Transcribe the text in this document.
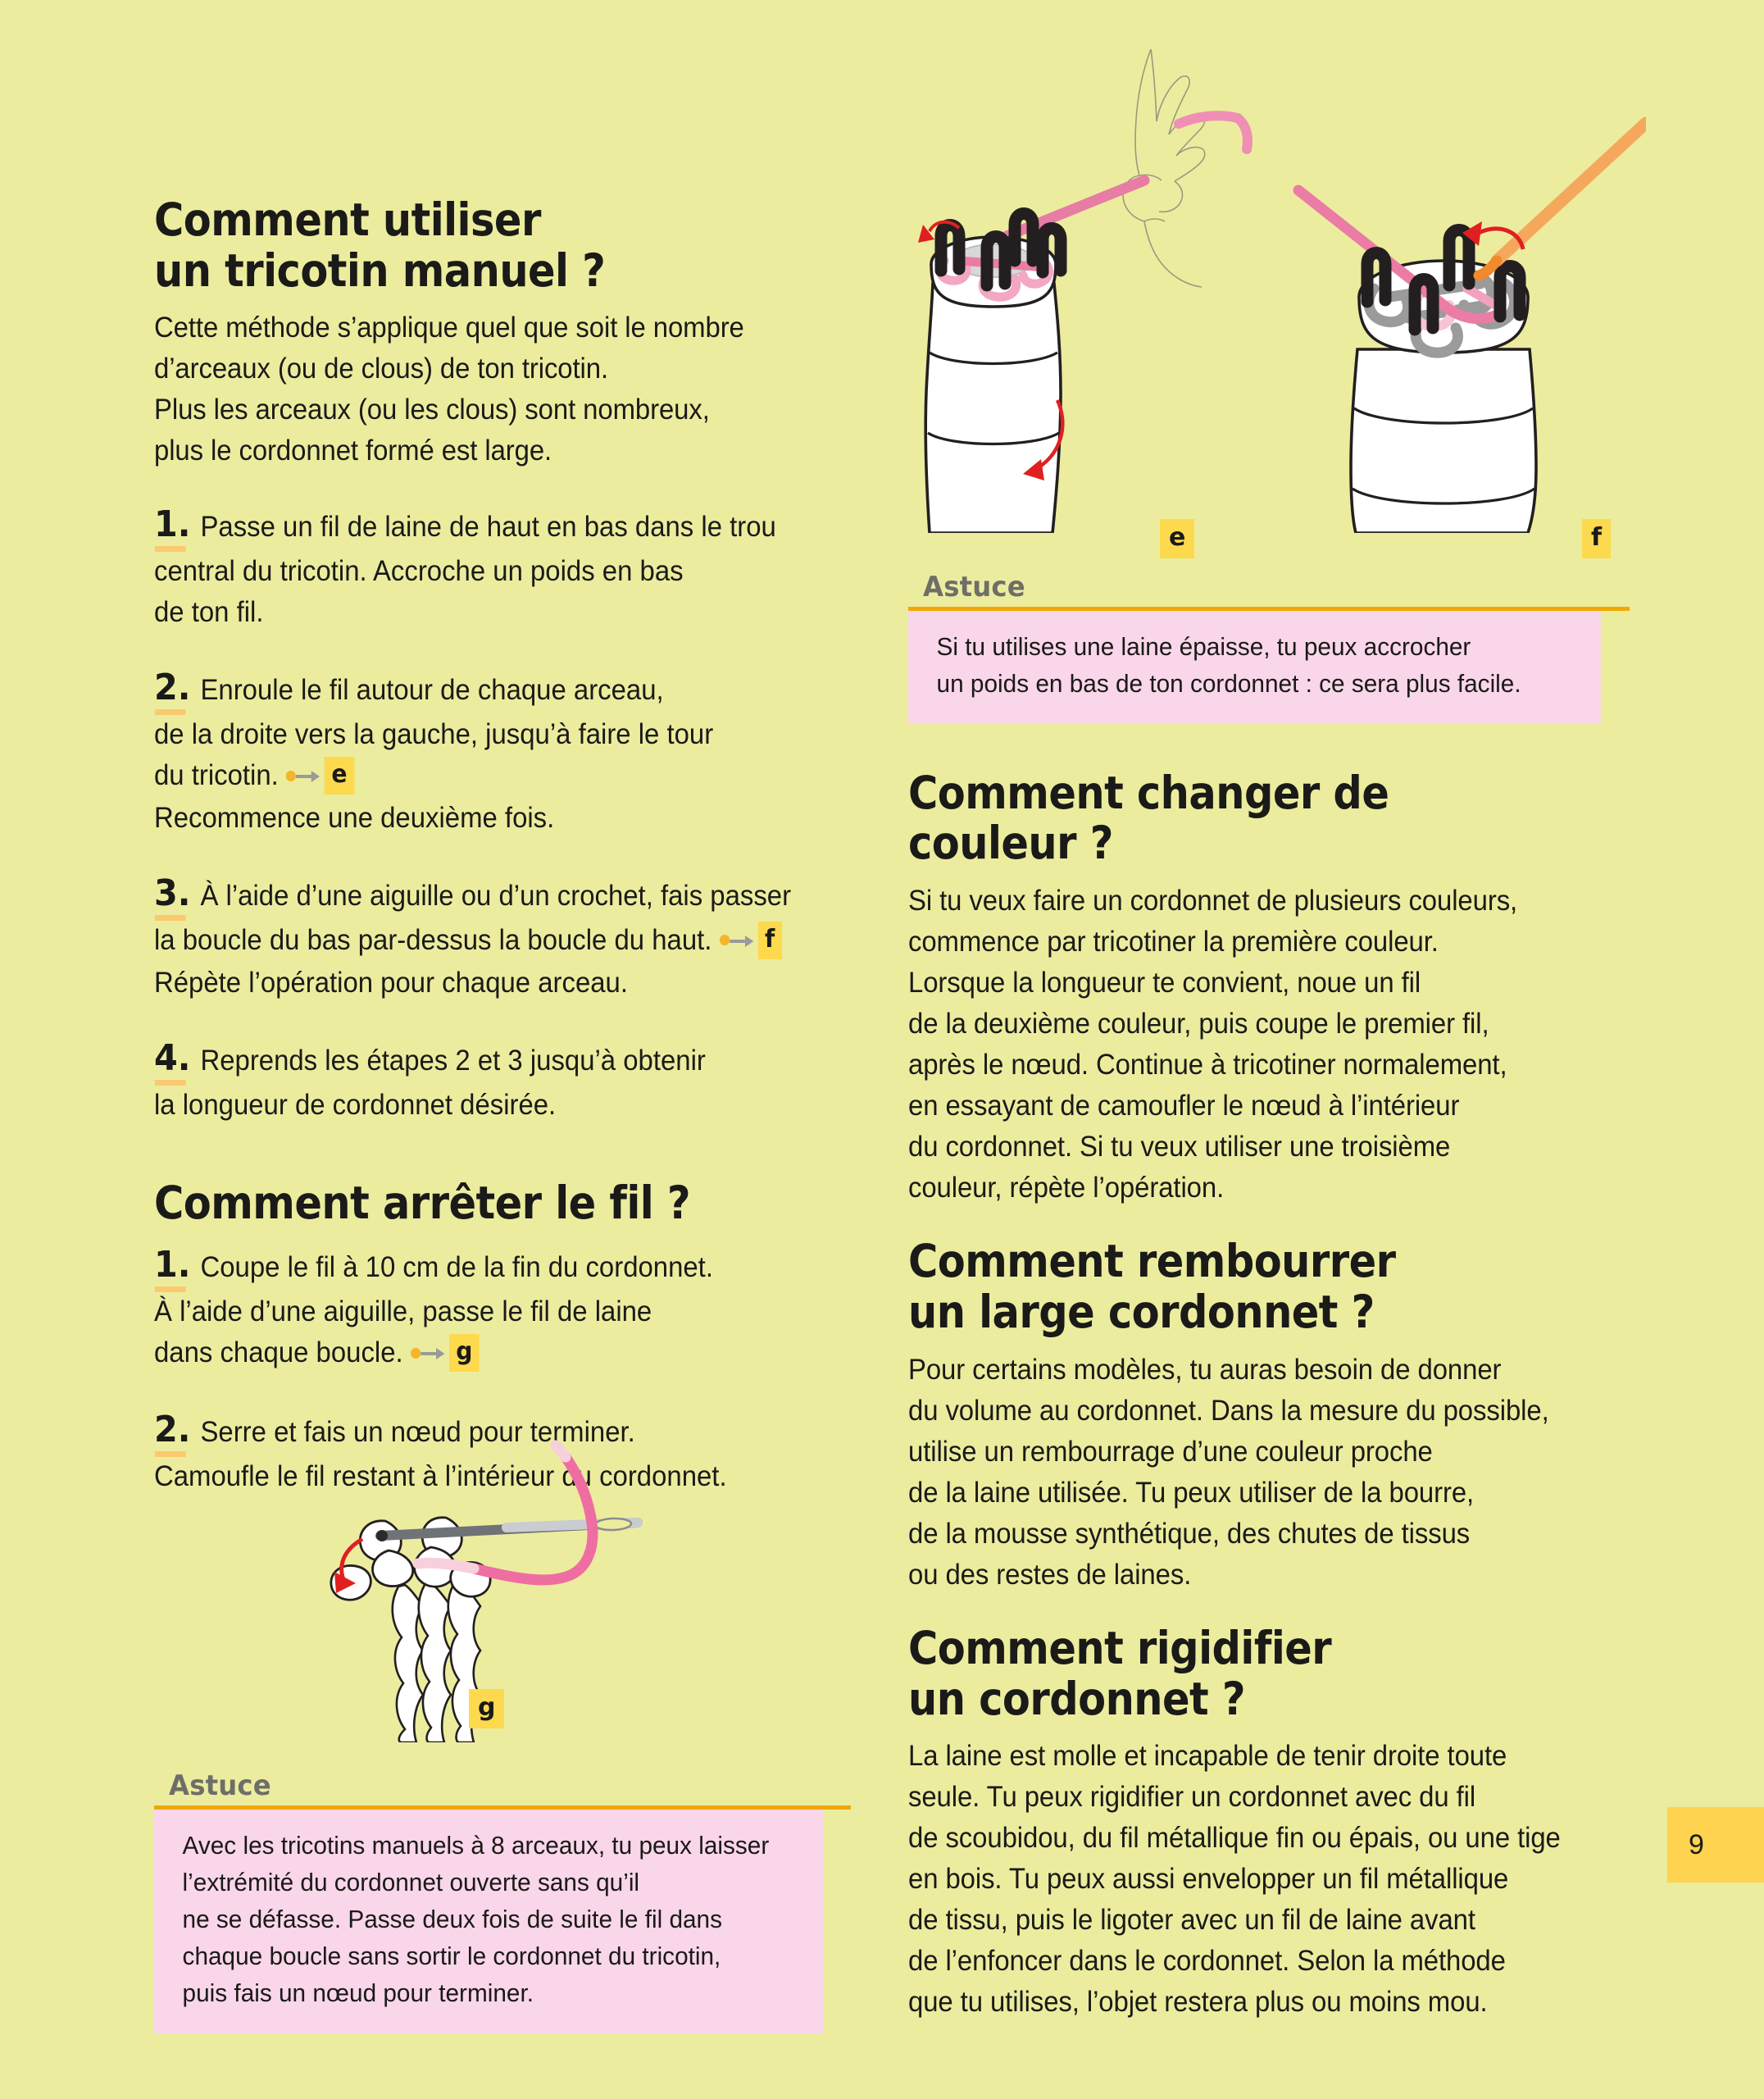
e	f
Astuce

Si tu utilises une laine épaisse, tu peux accrocher

un poids en bas de ton cordonnet : ce sera plus facile.

Comment changer de couleur ?

Si tu veux faire un cordonnet de plusieurs couleurs,
commence par tricotiner la première couleur.
Lorsque la longueur te convient, noue un fil
de la deuxième couleur, puis coupe le premier fil,
après le nœud. Continue à tricotiner normalement,
en essayant de camoufler le nœud à l’intérieur
du cordonnet. Si tu veux utiliser une troisième
couleur, répète l’opération.

Comment rembourrer
un large cordonnet ?

Pour certains modèles, tu auras besoin de donner
du volume au cordonnet. Dans la mesure du possible,
utilise un rembourrage d’une couleur proche
de la laine utilisée. Tu peux utiliser de la bourre,
de la mousse synthétique, des chutes de tissus
ou des restes de laines.

Comment rigidifier
un cordonnet ?

La laine est molle et incapable de tenir droite toute
seule. Tu peux rigidifier un cordonnet avec du fil
de scoubidou, du fil métallique fin ou épais, ou une tige
en bois. Tu peux aussi envelopper un fil métallique
de tissu, puis le ligoter avec un fil de laine avant
de l’enfoncer dans le cordonnet. Selon la méthode
que tu utilises, l’objet restera plus ou moins mou.

Comment utiliser
un tricotin manuel ?

Cette méthode s’applique quel que soit le nombre
d’arceaux (ou de clous) de ton tricotin.
Plus les arceaux (ou les clous) sont nombreux,
plus le cordonnet formé est large.

1. Passe un fil de laine de haut en bas dans le trou
central du tricotin. Accroche un poids en bas
de ton fil.
2. Enroule le fil autour de chaque arceau,
de la droite vers la gauche, jusqu’à faire le tour
du tricotin. e
Recommence une deuxième fois.
3. À l’aide d’une aiguille ou d’un crochet, fais passer
la boucle du bas par-dessus la boucle du haut. f
Répète l’opération pour chaque arceau.
4. Reprends les étapes 2 et 3 jusqu’à obtenir
la longueur de cordonnet désirée.
Comment arrêter le fil ?
1. Coupe le fil à 10 cm de la fin du cordonnet.
À l’aide d’une aiguille, passe le fil de laine
dans chaque boucle. g
2. Serre et fais un nœud pour terminer.
Camoufle le fil restant à l’intérieur du cordonnet.
g
Astuce

Avec les tricotins manuels à 8 arceaux, tu peux laisser

l’extrémité du cordonnet ouverte sans qu’il

ne se défasse. Passe deux fois de suite le fil dans

chaque boucle sans sortir le cordonnet du tricotin,

puis fais un nœud pour terminer.

9
